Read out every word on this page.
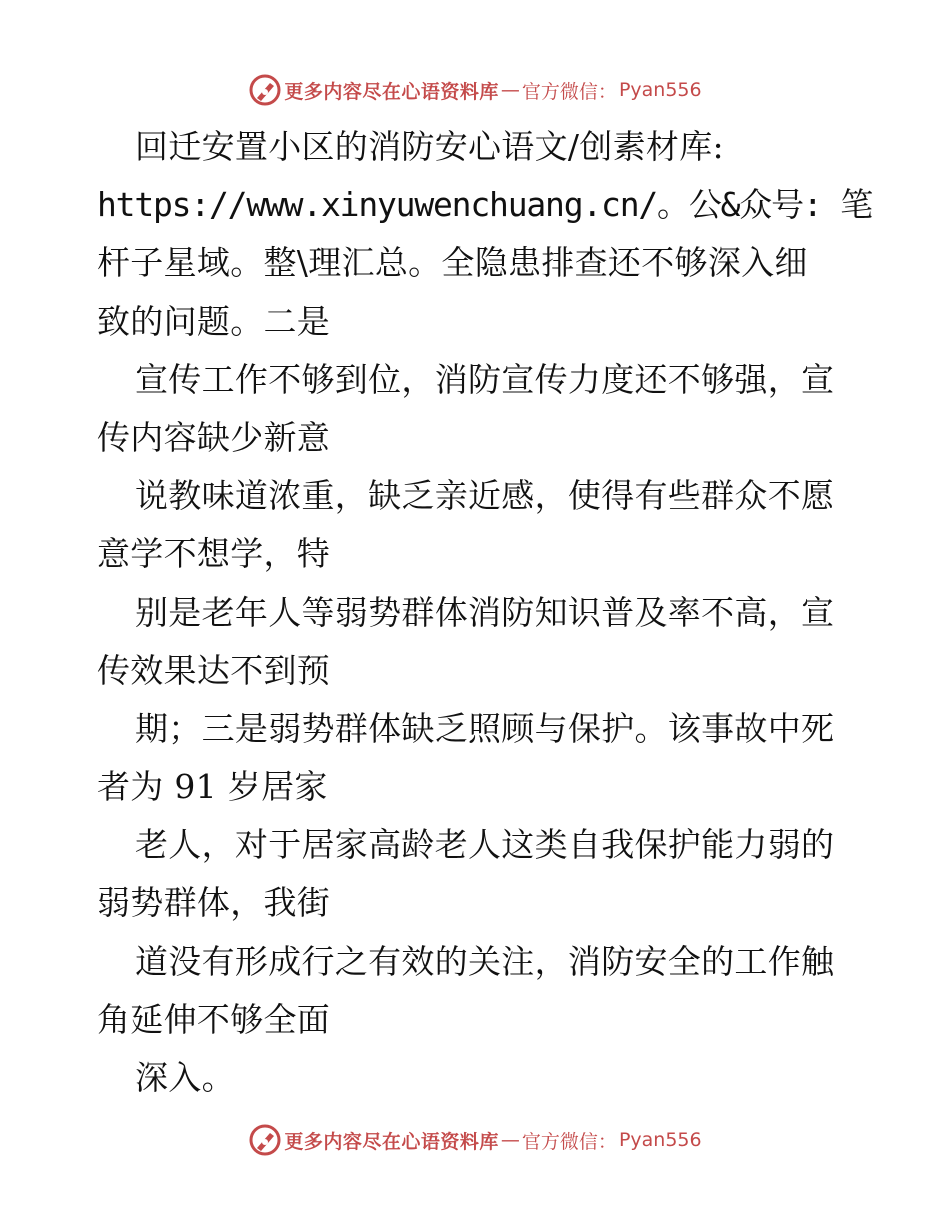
更多内容尽在心语资料库 — 官方微信： Pyan556
回迁安置小区的消防安心语文/创素材库:
https://www.xinyuwenchuang.cn/。公&众号: 笔
杆子星域。整\理汇总。全隐患排查还不够深入细
致的问题。二是
宣传工作不够到位，消防宣传力度还不够强，宣
传内容缺少新意
说教味道浓重，缺乏亲近感，使得有些群众不愿
意学不想学，特
别是老年人等弱势群体消防知识普及率不高，宣
传效果达不到预
期；三是弱势群体缺乏照顾与保护。该事故中死
者为 91 岁居家
老人，对于居家高龄老人这类自我保护能力弱的
弱势群体，我街
道没有形成行之有效的关注，消防安全的工作触
角延伸不够全面
深入。
更多内容尽在心语资料库 — 官方微信： Pyan556
